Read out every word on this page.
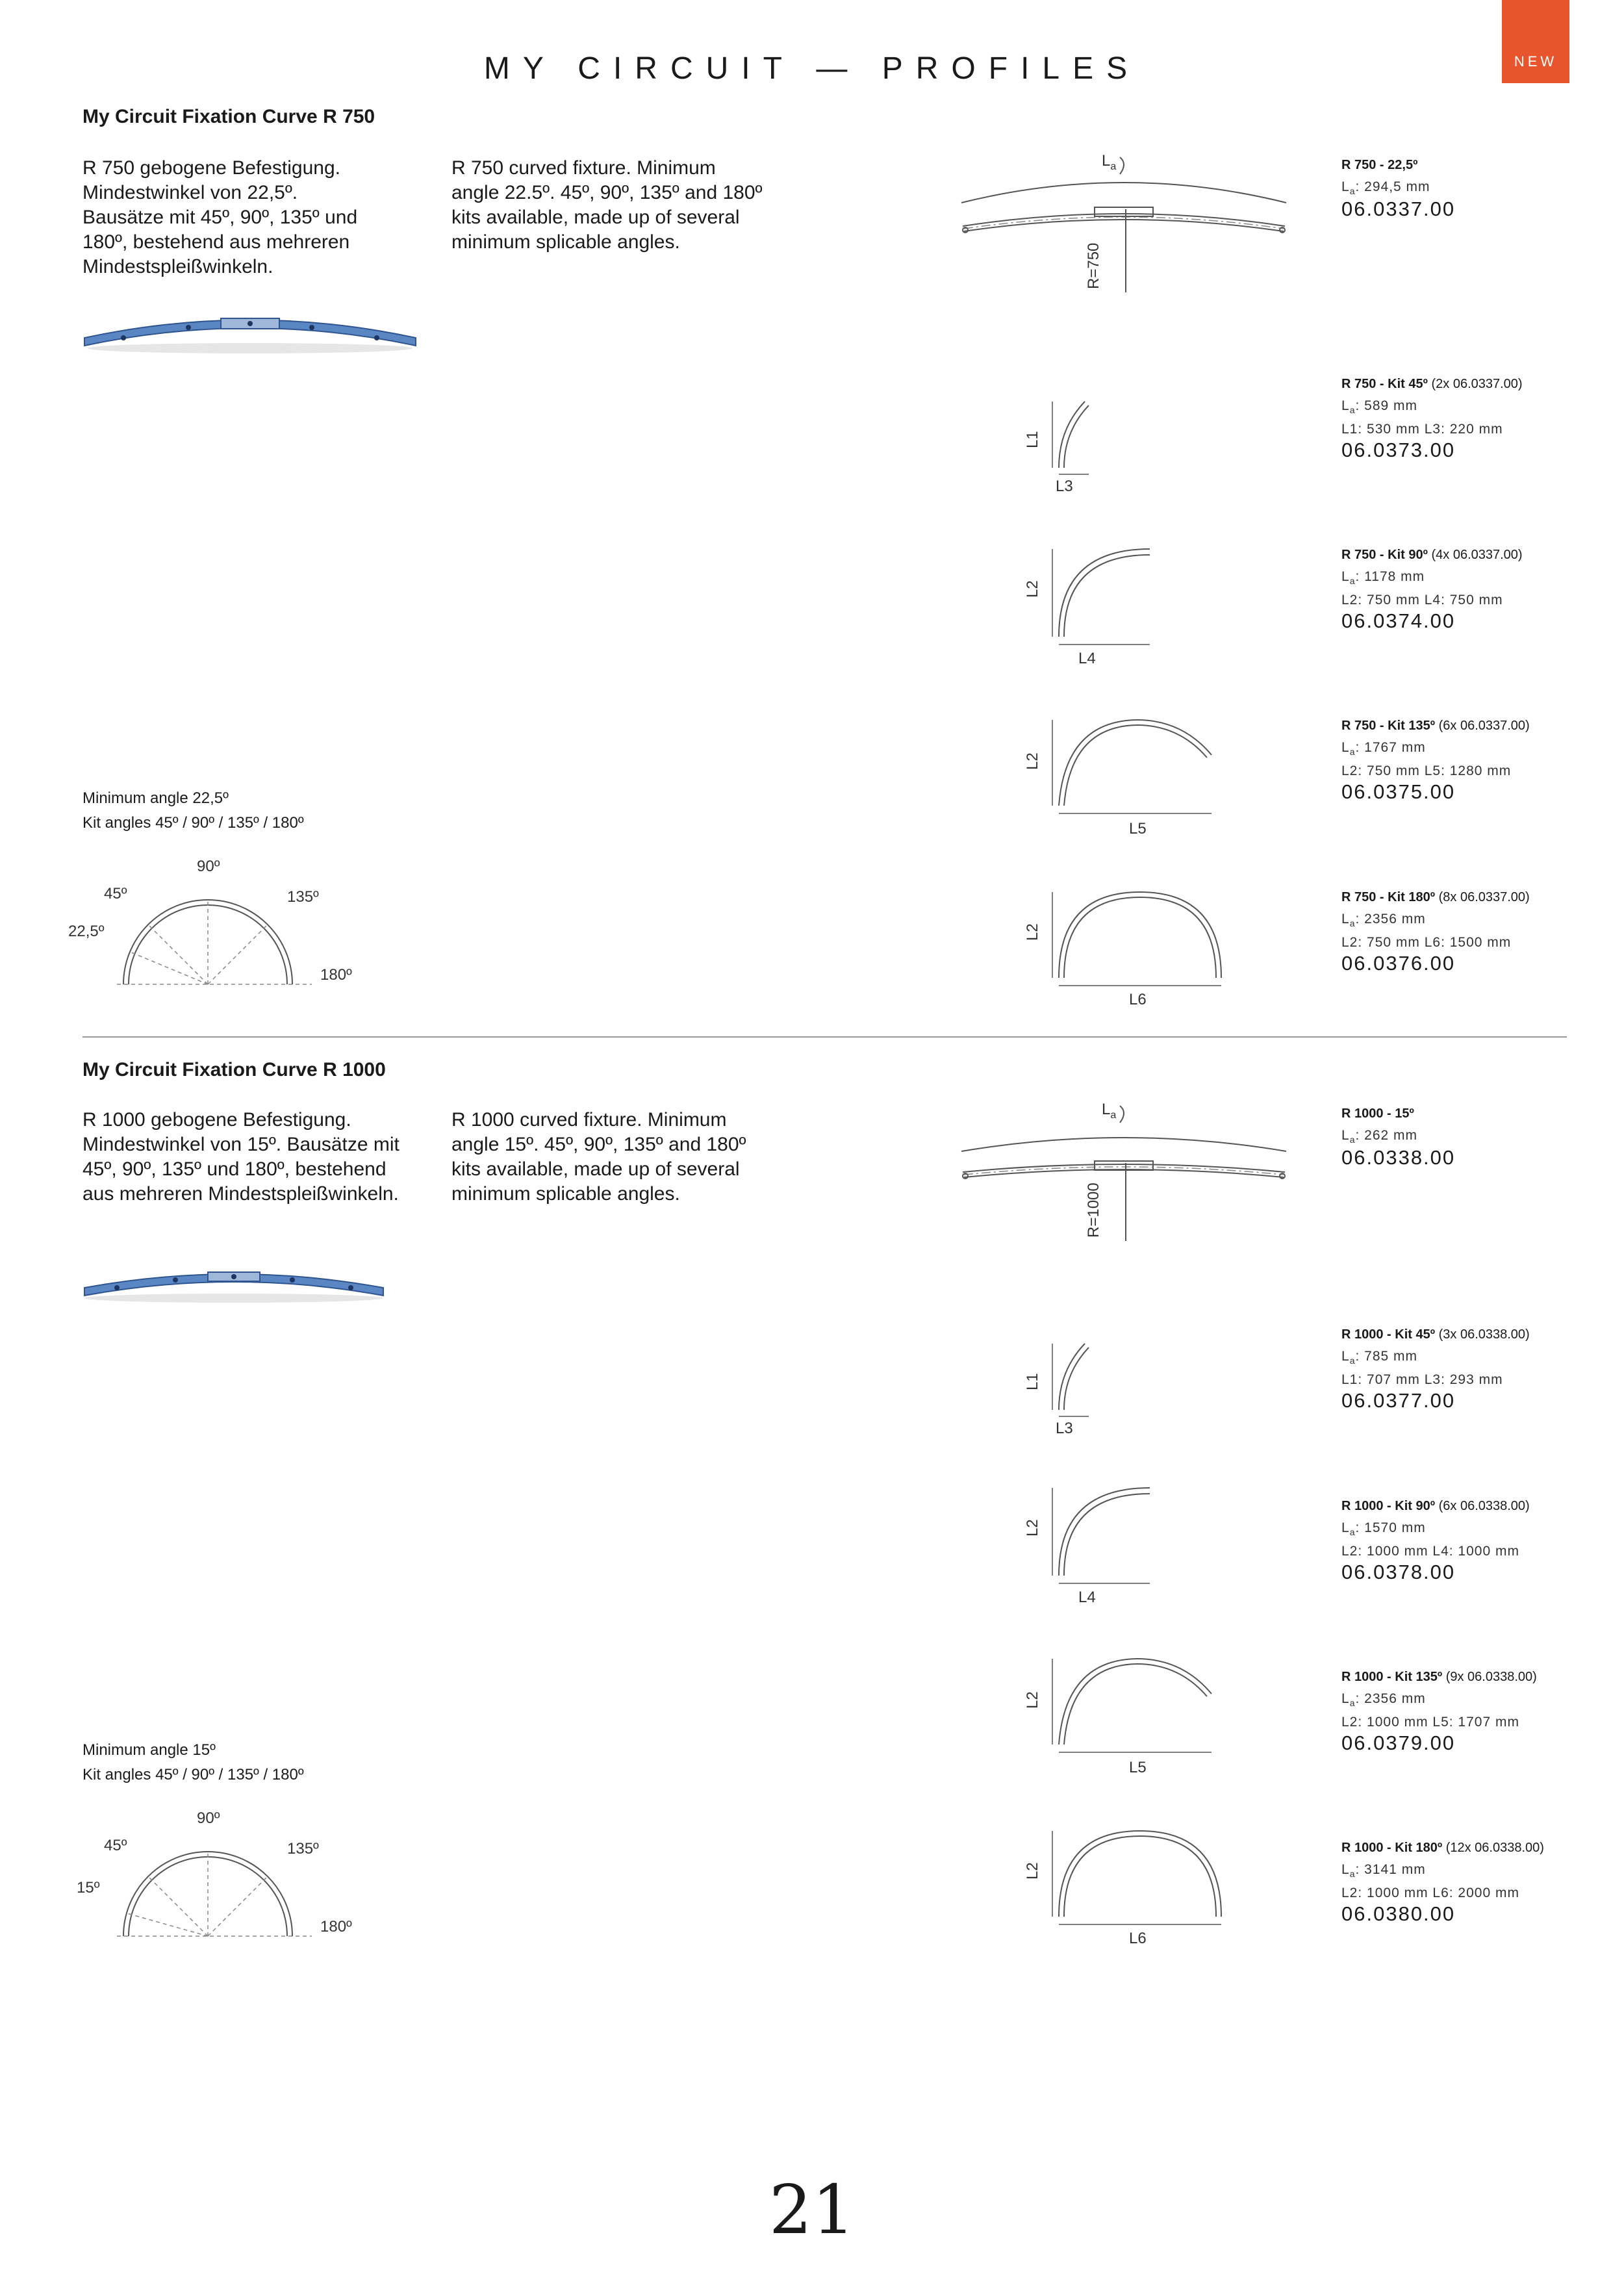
MY CIRCUIT — PROFILES	NEW
My Circuit Fixation Curve R 750
R 750 gebogene Befestigung.
Mindestwinkel von 22,5º.
Bausätze mit 45º, 90º, 135º und
180º, bestehend aus mehreren
Mindestspleißwinkeln.
R 750 curved fixture. Minimum
angle 22.5º. 45º, 90º, 135º and 180º
kits available, made up of several
minimum splicable angles.
$L_a$
R=750
L1
L3
L2
L4
L2
L5
L2
L6
R 750 - 22,5º
$L_a$: 294,5 mm
06.0337.00
R 750 - Kit 45º (2x 06.0337.00)
$L_a$: 589 mm
L1: 530 mm L3: 220 mm
06.0373.00
R 750 - Kit 90º (4x 06.0337.00)
$L_a$: 1178 mm
L2: 750 mm L4: 750 mm
06.0374.00
R 750 - Kit 135º (6x 06.0337.00)
$L_a$: 1767 mm
L2: 750 mm L5: 1280 mm
06.0375.00
R 750 - Kit 180º (8x 06.0337.00)
$L_a$: 2356 mm
L2: 750 mm L6: 1500 mm
06.0376.00
Minimum angle 22,5º
Kit angles 45º / 90º / 135º / 180º
90º
45º	135º
22,5º
180º
My Circuit Fixation Curve R 1000
R 1000 gebogene Befestigung.
Mindestwinkel von 15º. Bausätze mit
45º, 90º, 135º und 180º, bestehend
aus mehreren Mindestspleißwinkeln.
R 1000 curved fixture. Minimum
angle 15º. 45º, 90º, 135º and 180º
kits available, made up of several
minimum splicable angles.
$L_a$
R=1000
L1
L3
L2
L4
L2
L5
L2
L6
R 1000 - 15º
$L_a$: 262 mm
06.0338.00
R 1000 - Kit 45º (3x 06.0338.00)
$L_a$: 785 mm
L1: 707 mm L3: 293 mm
06.0377.00
R 1000 - Kit 90º (6x 06.0338.00)
$L_a$: 1570 mm
L2: 1000 mm L4: 1000 mm
06.0378.00
R 1000 - Kit 135º (9x 06.0338.00)
$L_a$: 2356 mm
L2: 1000 mm L5: 1707 mm
06.0379.00
R 1000 - Kit 180º (12x 06.0338.00)
$L_a$: 3141 mm
L2: 1000 mm L6: 2000 mm
06.0380.00
Minimum angle 15º
Kit angles 45º / 90º / 135º / 180º
90º
45º	135º
15º
180º
21
